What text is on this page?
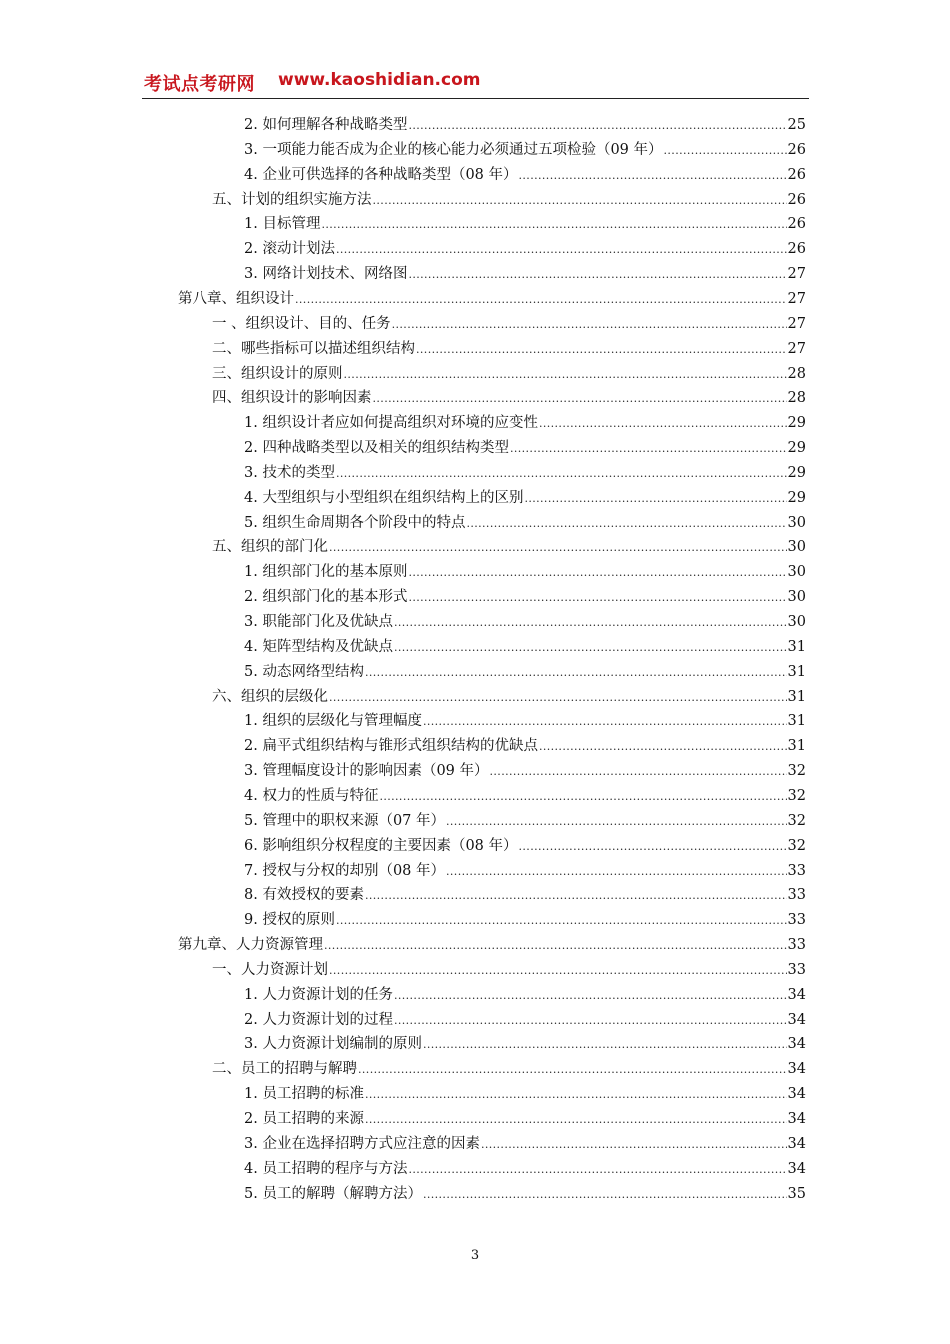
考试点考研网 www.kaoshidian.com
2. 如何理解各种战略类型 .....	25
3. 一项能力能否成为企业的核心能力必须通过五项检验（09 年） .....	26
4. 企业可供选择的各种战略类型（08 年） .....	26
五、计划的组织实施方法 .....	26
1. 目标管理 .....	26
2. 滚动计划法 .....	26
3. 网络计划技术、网络图 .....	27
第八章、组织设计 .....	27
一 、组织设计、目的、任务 .....	27
二、哪些指标可以描述组织结构 .....	27
三、组织设计的原则 .....	28
四、组织设计的影响因素 .....	28
1. 组织设计者应如何提高组织对环境的应变性 .....	29
2. 四种战略类型以及相关的组织结构类型 .....	29
3. 技术的类型 .....	29
4. 大型组织与小型组织在组织结构上的区别 .....	29
5. 组织生命周期各个阶段中的特点 .....	30
五、组织的部门化 .....	30
1. 组织部门化的基本原则 .....	30
2. 组织部门化的基本形式 .....	30
3. 职能部门化及优缺点 .....	30
4. 矩阵型结构及优缺点 .....	31
5. 动态网络型结构 .....	31
六、组织的层级化 .....	31
1. 组织的层级化与管理幅度 .....	31
2. 扁平式组织结构与锥形式组织结构的优缺点 .....	31
3. 管理幅度设计的影响因素（09 年） .....	32
4. 权力的性质与特征 .....	32
5. 管理中的职权来源（07 年） .....	32
6. 影响组织分权程度的主要因素（08 年） .....	32
7. 授权与分权的却别（08 年） .....	33
8. 有效授权的要素 .....	33
9. 授权的原则 .....	33
第九章、人力资源管理 .....	33
一、人力资源计划 .....	33
1. 人力资源计划的任务 .....	34
2. 人力资源计划的过程 .....	34
3. 人力资源计划编制的原则 .....	34
二、员工的招聘与解聘 .....	34
1. 员工招聘的标准 .....	34
2. 员工招聘的来源 .....	34
3. 企业在选择招聘方式应注意的因素 .....	34
4. 员工招聘的程序与方法 .....	34
5. 员工的解聘（解聘方法） .....	35
3
